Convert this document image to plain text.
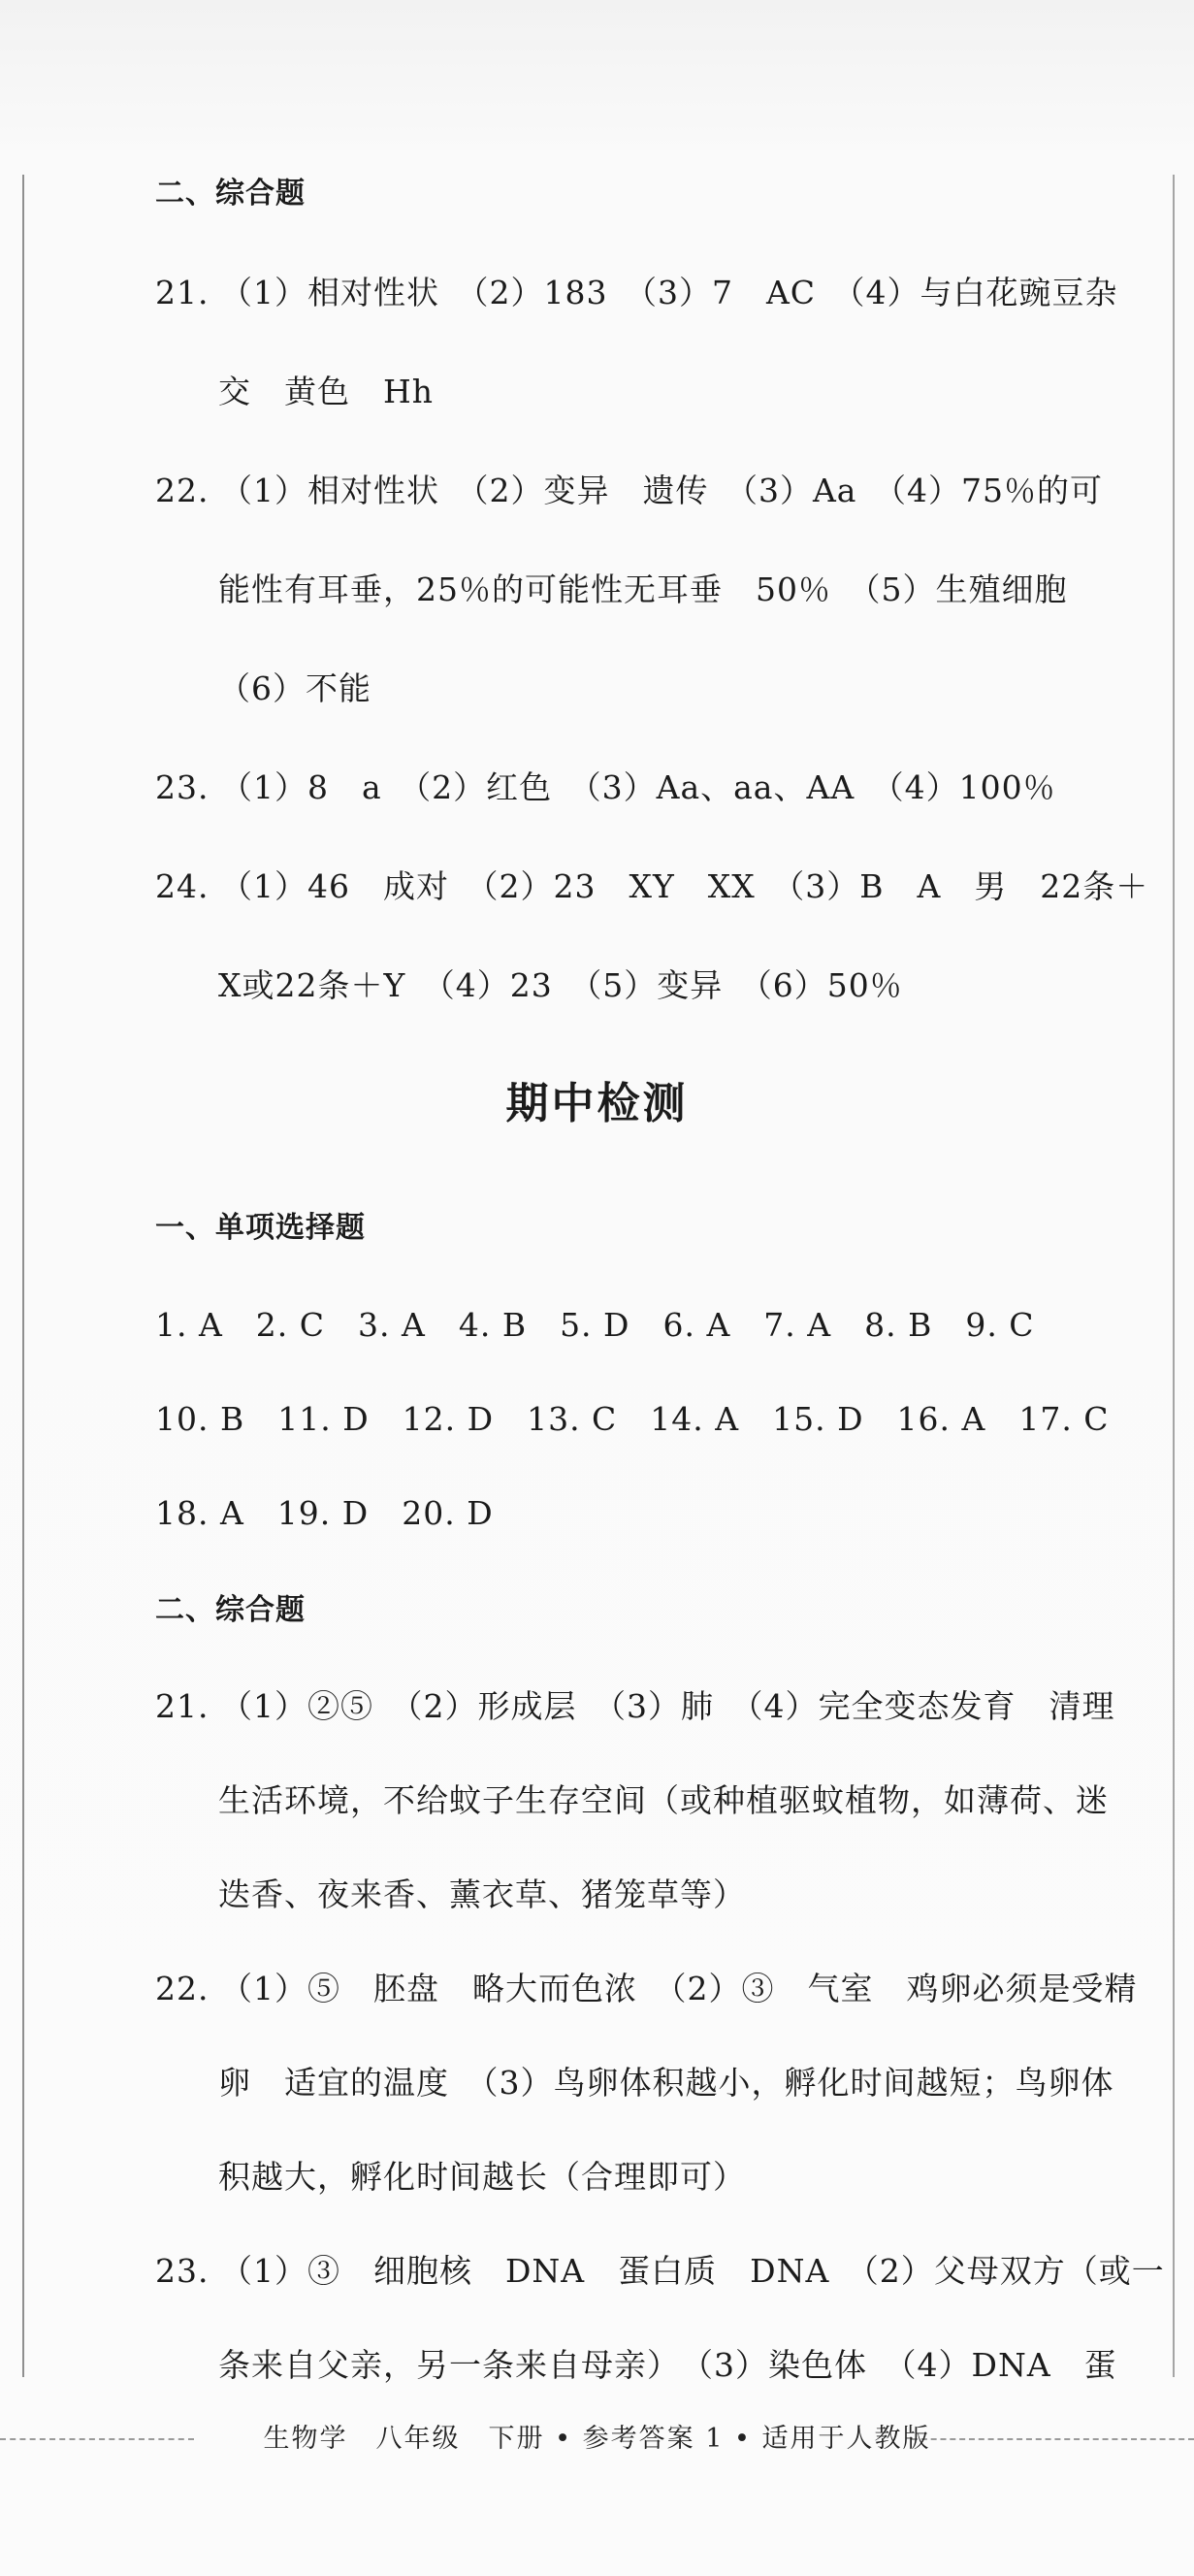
二、综合题
21. （1）相对性状　（2）183　（3）7　AC　（4）与白花豌豆杂
交　黄色　Hh
22. （1）相对性状　（2）变异　遗传　（3）Aa　（4）75％的可
能性有耳垂，25％的可能性无耳垂　50％　（5）生殖细胞
（6）不能
23. （1）8　a　（2）红色　（3）Aa、aa、AA　（4）100％
24. （1）46　成对　（2）23　XY　XX　（3）B　A　男　22条＋
X或22条＋Y　（4）23　（5）变异　（6）50％
期中检测
一、单项选择题
1. A　2. C　3. A　4. B　5. D　6. A　7. A　8. B　9. C
10. B　11. D　12. D　13. C　14. A　15. D　16. A　17. C
18. A　19. D　20. D
二、综合题
21. （1）②⑤　（2）形成层　（3）肺　（4）完全变态发育　清理
生活环境，不给蚊子生存空间（或种植驱蚊植物，如薄荷、迷
迭香、夜来香、薰衣草、猪笼草等）
22. （1）⑤　胚盘　略大而色浓　（2）③　气室　鸡卵必须是受精
卵　适宜的温度　（3）鸟卵体积越小，孵化时间越短；鸟卵体
积越大，孵化时间越长（合理即可）
23. （1）③　细胞核　DNA　蛋白质　DNA　（2）父母双方（或一
条来自父亲，另一条来自母亲）　（3）染色体　（4）DNA　蛋
生物学　八年级　下册 • 参考答案 1 • 适用于人教版
